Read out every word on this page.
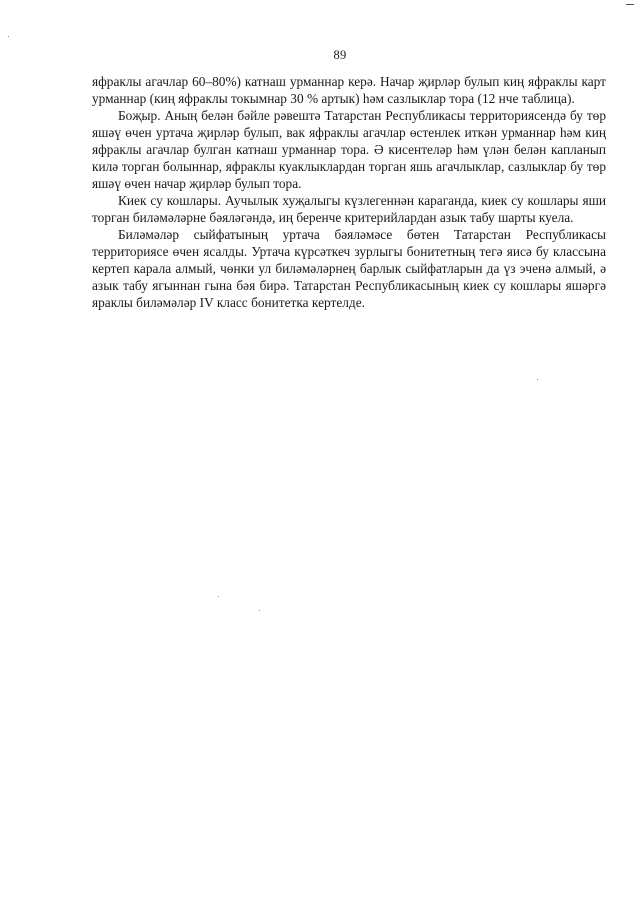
89

яфраклы агачлар 60–80%) катнаш урманнар керә. Начар җирләр булып киң яфраклы карт урманнар (киң яфраклы токымнар 30 % артык) һәм сазлыклар тора (12 нче таблица).

Бoҗыр. Аның белән бәйле рәвештә Татарстан Республикасы территориясендә бу төр яшәү өчен уртача җирләр булып, вак яфраклы агачлар өстенлек иткән урманнар һәм киң яфраклы агачлар булган катнаш урманнар тора. Ә кисентеләр һәм үлән белән капланып килә торган болыннар, яфраклы куаклыклардан торган яшь агачлыклар, сазлыклар бу төр яшәү өчен начар җирләр булып тора.

Киек су кошлары. Аучылык хуҗалыгы күзлегеннән караганда, киек су кошлары яши торган биләмәләрне бәяләгәндә, иң беренче критерийлардан азык табу шарты куела.

Биләмәләр сыйфатының уртача бәяләмәсе бөтен Татарстан Республикасы территориясе өчен ясалды. Уртача күрсәткеч зурлыгы бонитетның тегә яисә бу классына кертеп карала алмый, чөнки ул биләмәләрнең барлык сыйфатларын да үз эченә алмый, ә азык табу ягыннан гына бәя бирә. Татарстан Республикасының киек су кошлары яшәргә яраклы биләмәләр IV класс бонитетка кертелде.
